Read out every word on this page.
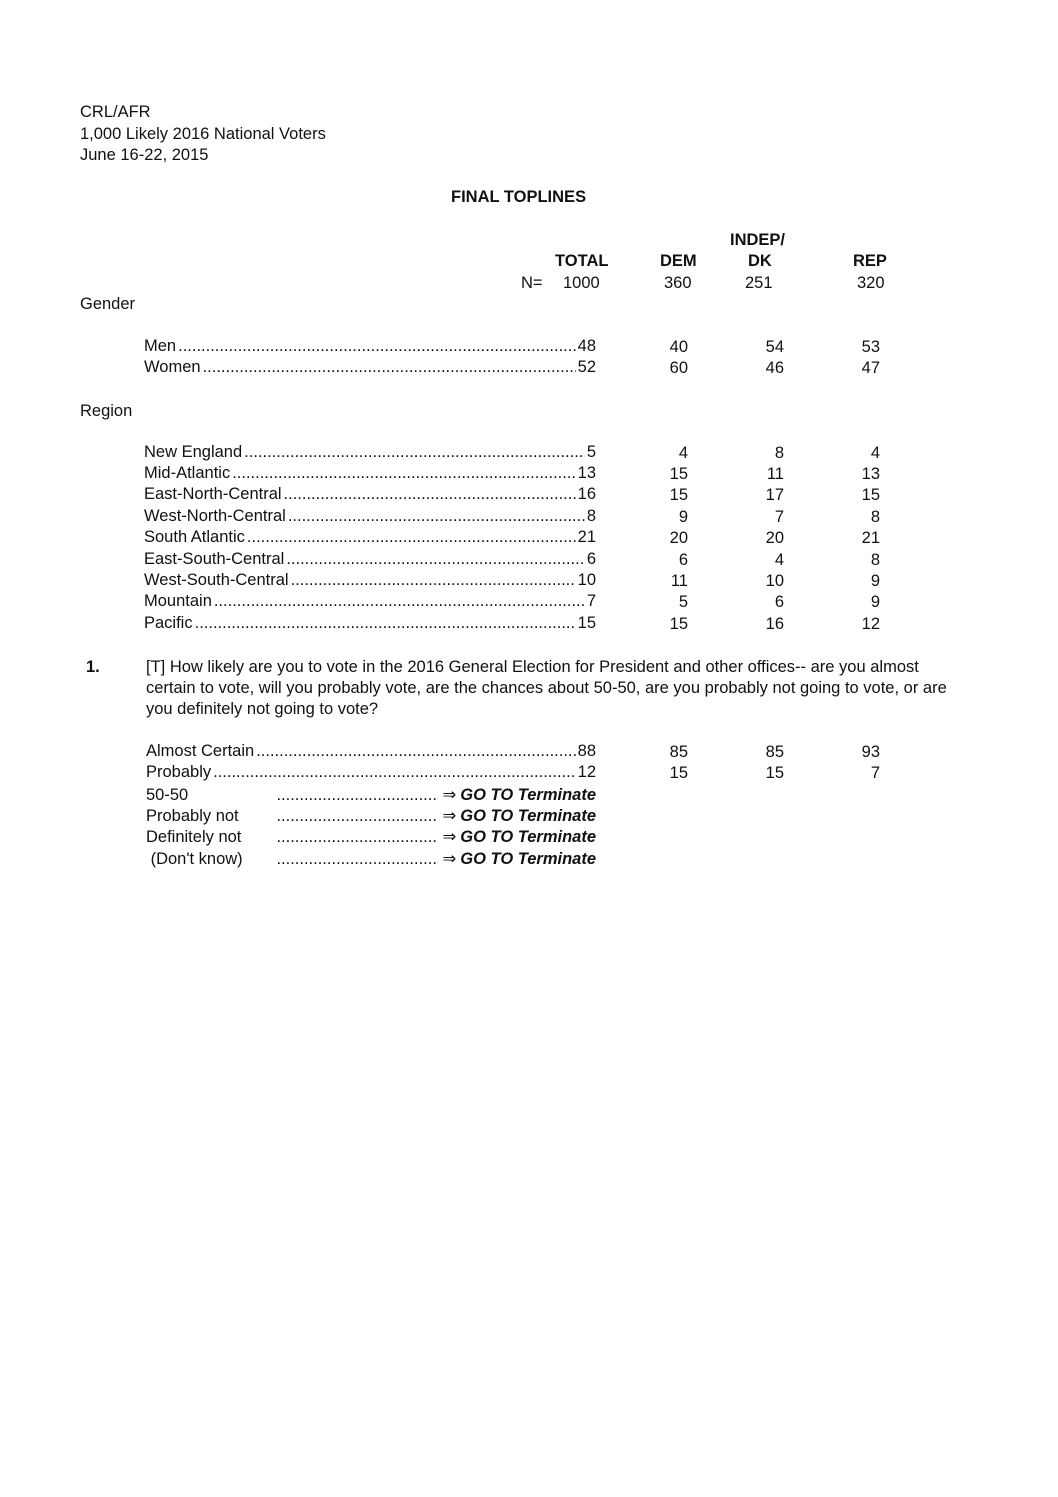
CRL/AFR
1,000 Likely 2016 National Voters
June 16-22, 2015
FINAL TOPLINES
INDEP/
TOTAL	DEM	DK	REP
N= 1000	360	251	320
Gender
Men .....	48	40	54	53
Women .....	52	60	46	47
Region
New England .....	5	4	8	4
Mid-Atlantic .....	13	15	11	13
East-North-Central .....	16	15	17	15
West-North-Central .....	8	9	7	8
South Atlantic .....	21	20	20	21
East-South-Central .....	6	6	4	8
West-South-Central .....	10	11	10	9
Mountain .....	7	5	6	9
Pacific .....	15	15	16	12
1.	[T] How likely are you to vote in the 2016 General Election for President and other offices-- are you almost certain to vote, will you probably vote, are the chances about 50-50, are you probably not going to vote, or are you definitely not going to vote?
Almost Certain .....	88	85	85	93
Probably .....	12	15	15	7
50-50 .....	⇒ GO TO Terminate
Probably not .....	⇒ GO TO Terminate
Definitely not .....	⇒ GO TO Terminate
(Don't know) .....	⇒ GO TO Terminate
